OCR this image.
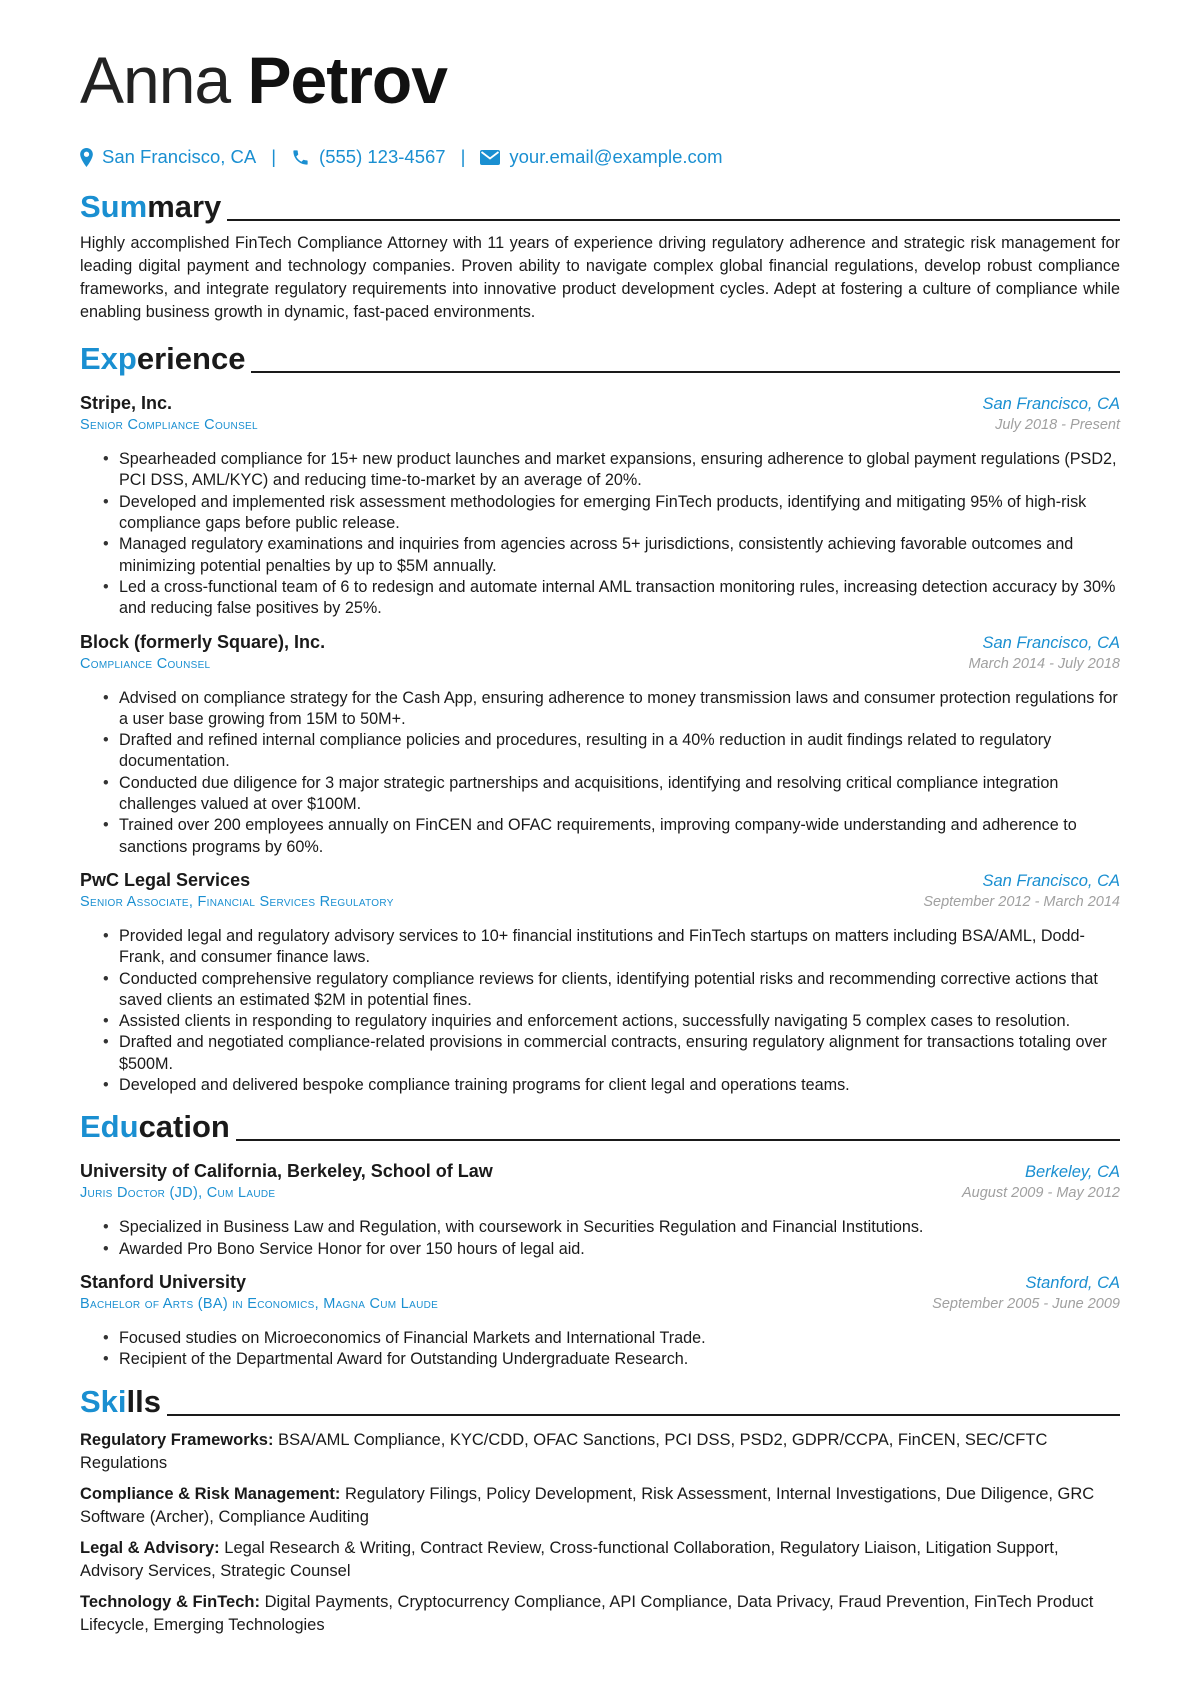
Anna Petrov
San Francisco, CA | (555) 123-4567 | your.email@example.com
Sum mary

Highly accomplished FinTech Compliance Attorney with 11 years of experience driving regulatory adherence and strategic risk management for leading digital payment and technology companies. Proven ability to navigate complex global financial regulations, develop robust compliance frameworks, and integrate regulatory requirements into innovative product development cycles. Adept at fostering a culture of compliance while enabling business growth in dynamic, fast-paced environments.

Exp erience
Stripe, Inc.	San Francisco, CA
Senior Compliance Counsel	July 2018 - Present
• Spearheaded compliance for 15+ new product launches and market expansions, ensuring adherence to global payment regulations (PSD2, PCI DSS, AML/KYC) and reducing time-to-market by an average of 20%.
• Developed and implemented risk assessment methodologies for emerging FinTech products, identifying and mitigating 95% of high-risk compliance gaps before public release.
• Managed regulatory examinations and inquiries from agencies across 5+ jurisdictions, consistently achieving favorable outcomes and minimizing potential penalties by up to $5M annually.
• Led a cross-functional team of 6 to redesign and automate internal AML transaction monitoring rules, increasing detection accuracy by 30% and reducing false positives by 25%.
Block (formerly Square), Inc.	San Francisco, CA
Compliance Counsel	March 2014 - July 2018
• Advised on compliance strategy for the Cash App, ensuring adherence to money transmission laws and consumer protection regulations for a user base growing from 15M to 50M+.
• Drafted and refined internal compliance policies and procedures, resulting in a 40% reduction in audit findings related to regulatory documentation.
• Conducted due diligence for 3 major strategic partnerships and acquisitions, identifying and resolving critical compliance integration challenges valued at over $100M.
• Trained over 200 employees annually on FinCEN and OFAC requirements, improving company-wide understanding and adherence to sanctions programs by 60%.
PwC Legal Services	San Francisco, CA
Senior Associate, Financial Services Regulatory	September 2012 - March 2014
• Provided legal and regulatory advisory services to 10+ financial institutions and FinTech startups on matters including BSA/AML, Dodd-Frank, and consumer finance laws.
• Conducted comprehensive regulatory compliance reviews for clients, identifying potential risks and recommending corrective actions that saved clients an estimated $2M in potential fines.
• Assisted clients in responding to regulatory inquiries and enforcement actions, successfully navigating 5 complex cases to resolution.
• Drafted and negotiated compliance-related provisions in commercial contracts, ensuring regulatory alignment for transactions totaling over $500M.
• Developed and delivered bespoke compliance training programs for client legal and operations teams.
Edu cation
University of California, Berkeley, School of Law	Berkeley, CA
Juris Doctor (JD), Cum Laude	August 2009 - May 2012
• Specialized in Business Law and Regulation, with coursework in Securities Regulation and Financial Institutions.
• Awarded Pro Bono Service Honor for over 150 hours of legal aid.
Stanford University	Stanford, CA
Bachelor of Arts (BA) in Economics, Magna Cum Laude	September 2005 - June 2009
• Focused studies on Microeconomics of Financial Markets and International Trade.
• Recipient of the Departmental Award for Outstanding Undergraduate Research.
Ski lls

Regulatory Frameworks: BSA/AML Compliance, KYC/CDD, OFAC Sanctions, PCI DSS, PSD2, GDPR/CCPA, FinCEN, SEC/CFTC Regulations

Compliance & Risk Management: Regulatory Filings, Policy Development, Risk Assessment, Internal Investigations, Due Diligence, GRC Software (Archer), Compliance Auditing

Legal & Advisory: Legal Research & Writing, Contract Review, Cross-functional Collaboration, Regulatory Liaison, Litigation Support, Advisory Services, Strategic Counsel

Technology & FinTech: Digital Payments, Cryptocurrency Compliance, API Compliance, Data Privacy, Fraud Prevention, FinTech Product Lifecycle, Emerging Technologies
